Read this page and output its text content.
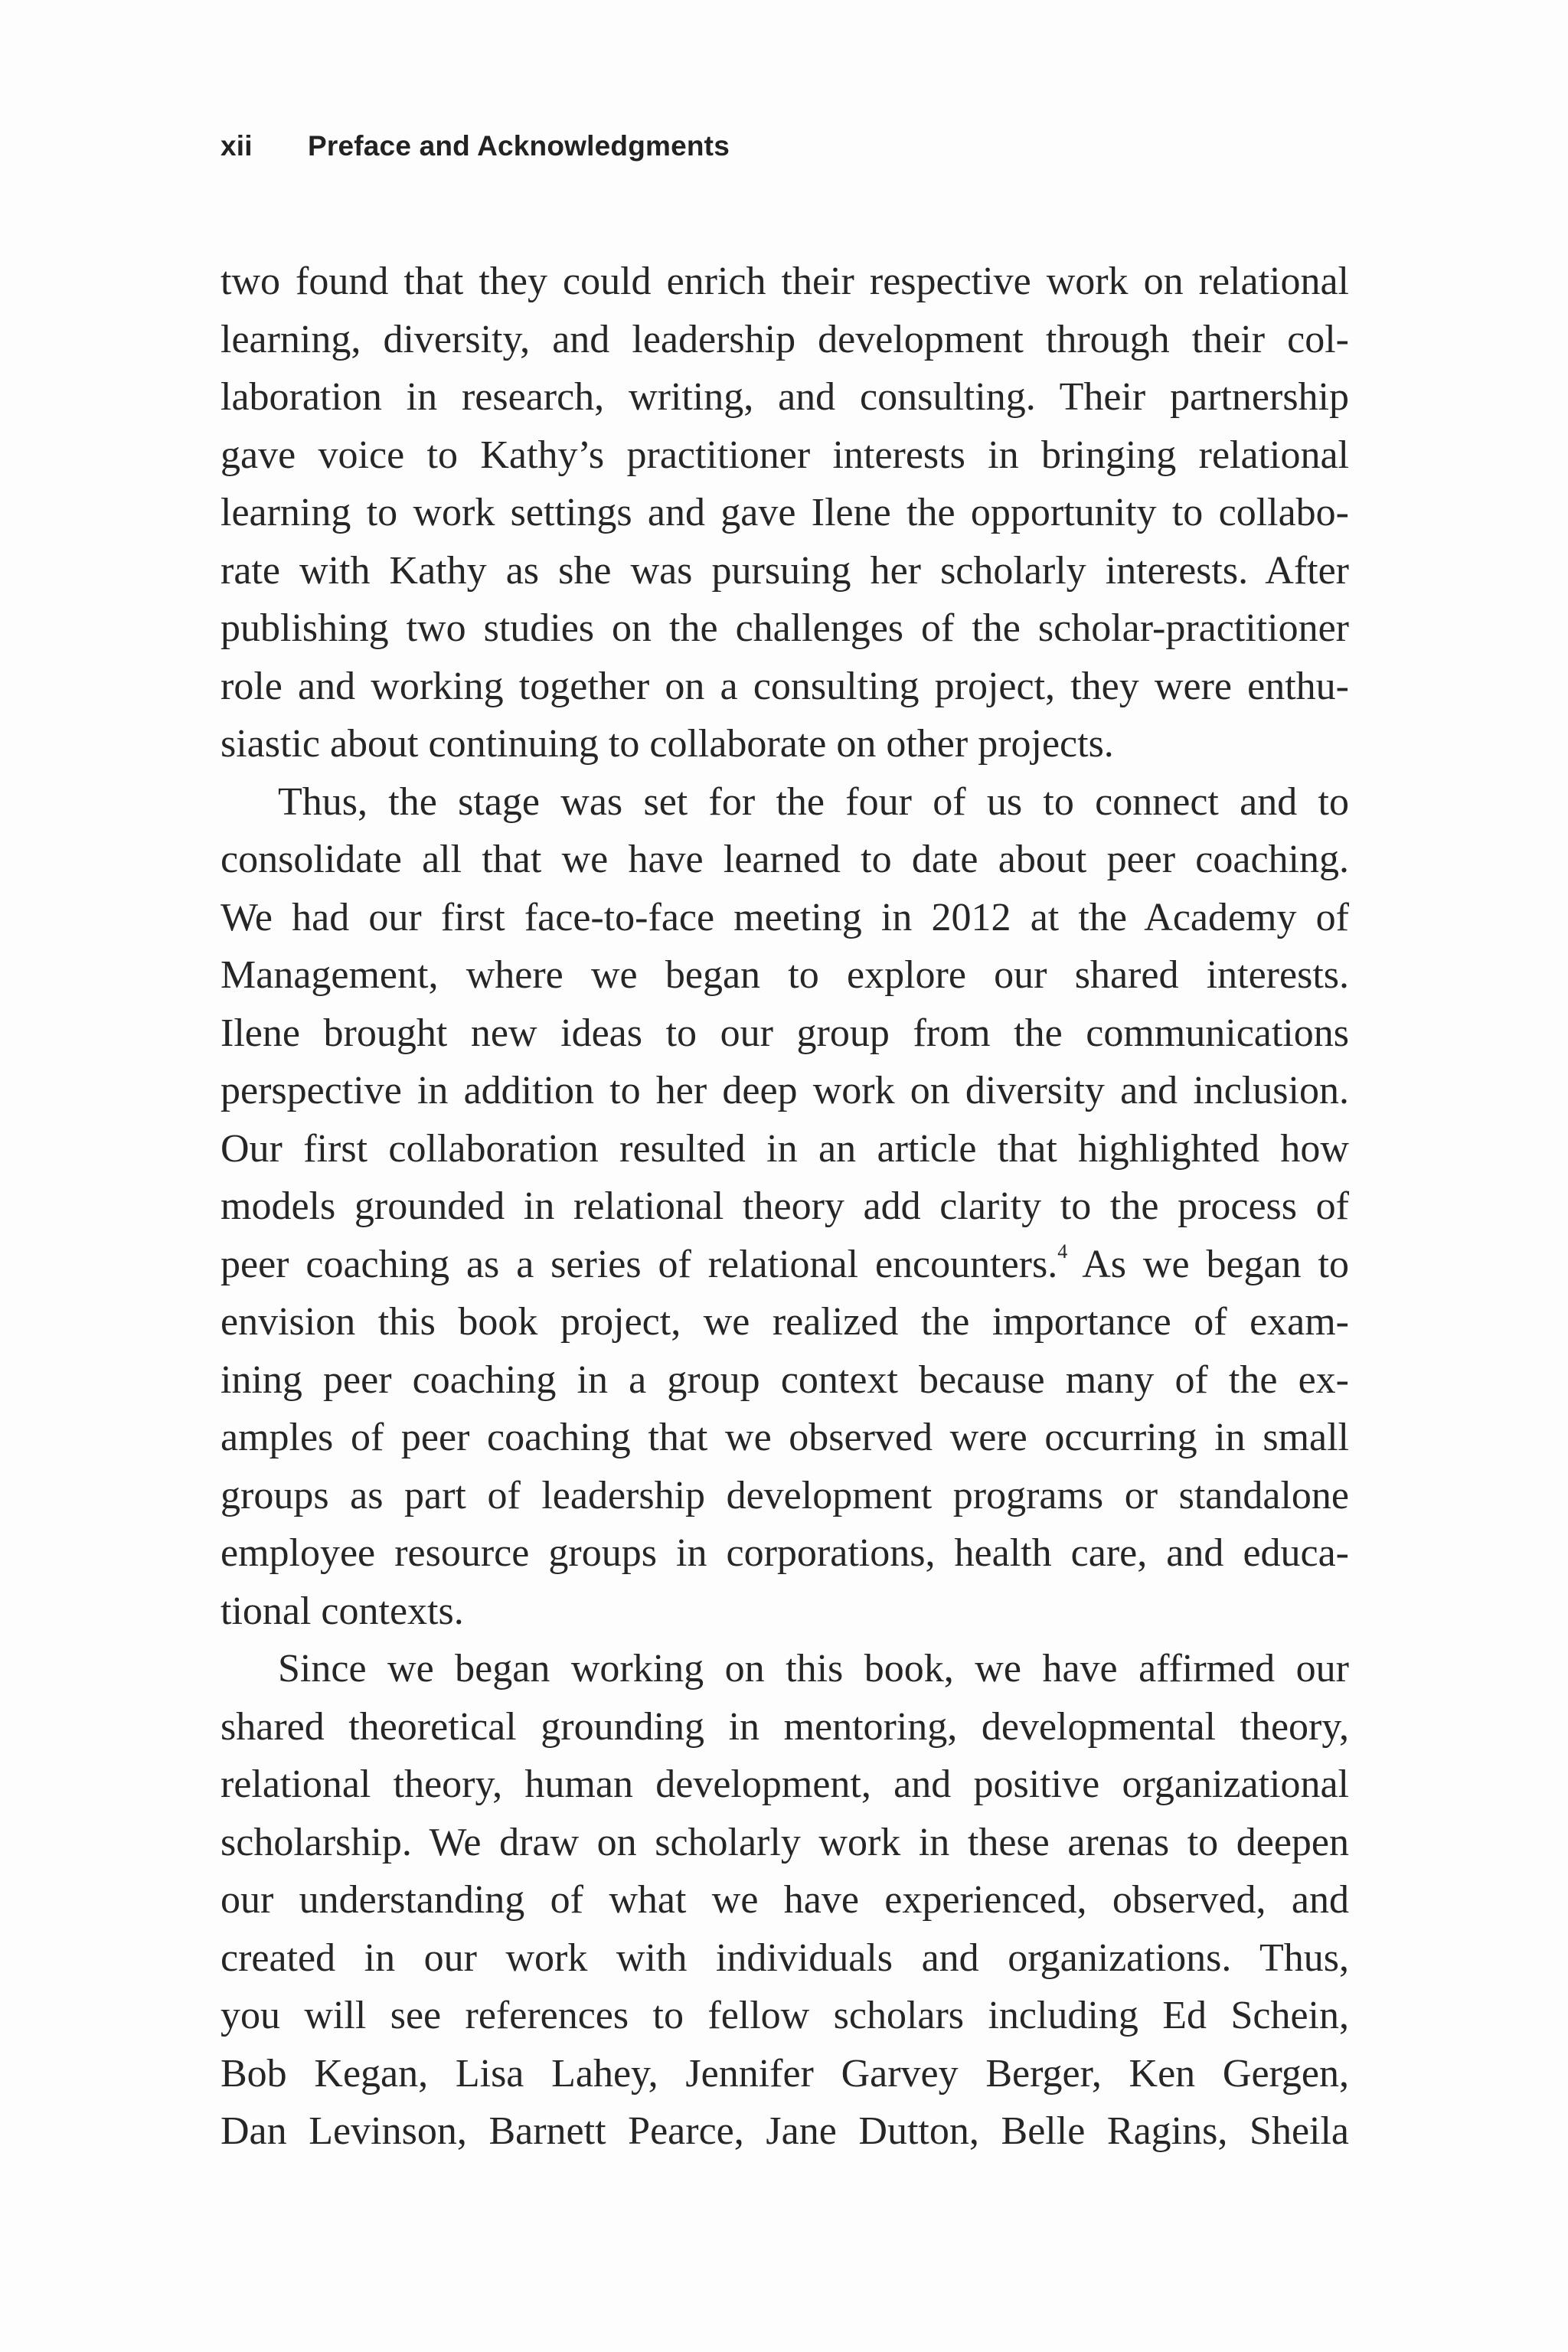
xii Preface and Acknowledgments
two found that they could enrich their respective work on relational
learning, diversity, and leadership development through their col-
laboration in research, writing, and consulting. Their partnership
gave voice to Kathy’s practitioner interests in bringing relational
learning to work settings and gave Ilene the opportunity to collabo-
rate with Kathy as she was pursuing her scholarly interests. After
publishing two studies on the challenges of the scholar-practitioner
role and working together on a consulting project, they were enthu-
siastic about continuing to collaborate on other projects.
Thus, the stage was set for the four of us to connect and to
consolidate all that we have learned to date about peer coaching.
We had our first face-to-face meeting in 2012 at the Academy of
Management, where we began to explore our shared interests.
Ilene brought new ideas to our group from the communications
perspective in addition to her deep work on diversity and inclusion.
Our first collaboration resulted in an article that highlighted how
models grounded in relational theory add clarity to the process of
peer coaching as a series of relational encounters.$^4$ As we began to
envision this book project, we realized the importance of exam-
ining peer coaching in a group context because many of the ex-
amples of peer coaching that we observed were occurring in small
groups as part of leadership development programs or standalone
employee resource groups in corporations, health care, and educa-
tional contexts.
Since we began working on this book, we have affirmed our
shared theoretical grounding in mentoring, developmental theory,
relational theory, human development, and positive organizational
scholarship. We draw on scholarly work in these arenas to deepen
our understanding of what we have experienced, observed, and
created in our work with individuals and organizations. Thus,
you will see references to fellow scholars including Ed Schein,
Bob Kegan, Lisa Lahey, Jennifer Garvey Berger, Ken Gergen,
Dan Levinson, Barnett Pearce, Jane Dutton, Belle Ragins, Sheila
